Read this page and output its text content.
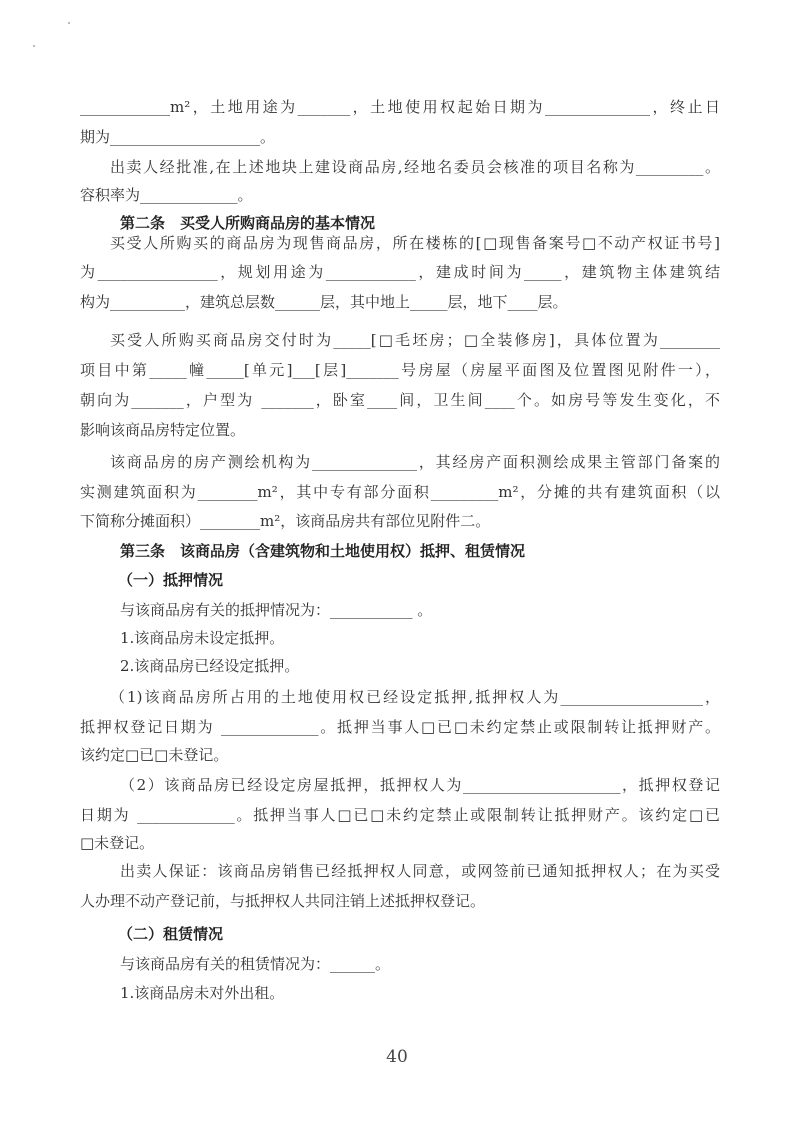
____________m²，土地用途为_______，土地使用权起始日期为______________，终止日
期为____________________。
出卖人经批准,在上述地块上建设商品房,经地名委员会核准的项目名称为_________。
容积率为_____________。
第二条　买受人所购商品房的基本情况
买受人所购买的商品房为现售商品房，所在楼栋的[□现售备案号□不动产权证书号]
为________________，规划用途为____________，建成时间为_____，建筑物主体建筑结
构为__________，建筑总层数______层，其中地上_____层，地下____层。
买受人所购买商品房交付时为_____[□毛坯房；□全装修房]，具体位置为________
项目中第_____幢_____[单元]___[层]_______号房屋（房屋平面图及位置图见附件一），
朝向为_______，户型为 _______，卧室____间，卫生间____个。如房号等发生变化，不
影响该商品房特定位置。
该商品房的房产测绘机构为______________，其经房产面积测绘成果主管部门备案的
实测建筑面积为________m²，其中专有部分面积_________m²，分摊的共有建筑面积（以
下简称分摊面积）________m²，该商品房共有部位见附件二。
第三条　该商品房（含建筑物和土地使用权）抵押、租赁情况
（一）抵押情况
与该商品房有关的抵押情况为：___________ 。
1.该商品房未设定抵押。
2.该商品房已经设定抵押。
（1)该商品房所占用的土地使用权已经设定抵押,抵押权人为___________________，
抵押权登记日期为 _____________。抵押当事人□已□未约定禁止或限制转让抵押财产。
该约定□已□未登记。
（2）该商品房已经设定房屋抵押，抵押权人为_____________________，抵押权登记
日期为 _____________。抵押当事人□已□未约定禁止或限制转让抵押财产。该约定□已
□未登记。
出卖人保证：该商品房销售已经抵押权人同意，或网签前已通知抵押权人；在为买受
人办理不动产登记前，与抵押权人共同注销上述抵押权登记。
（二）租赁情况
与该商品房有关的租赁情况为：______。
1.该商品房未对外出租。
40
